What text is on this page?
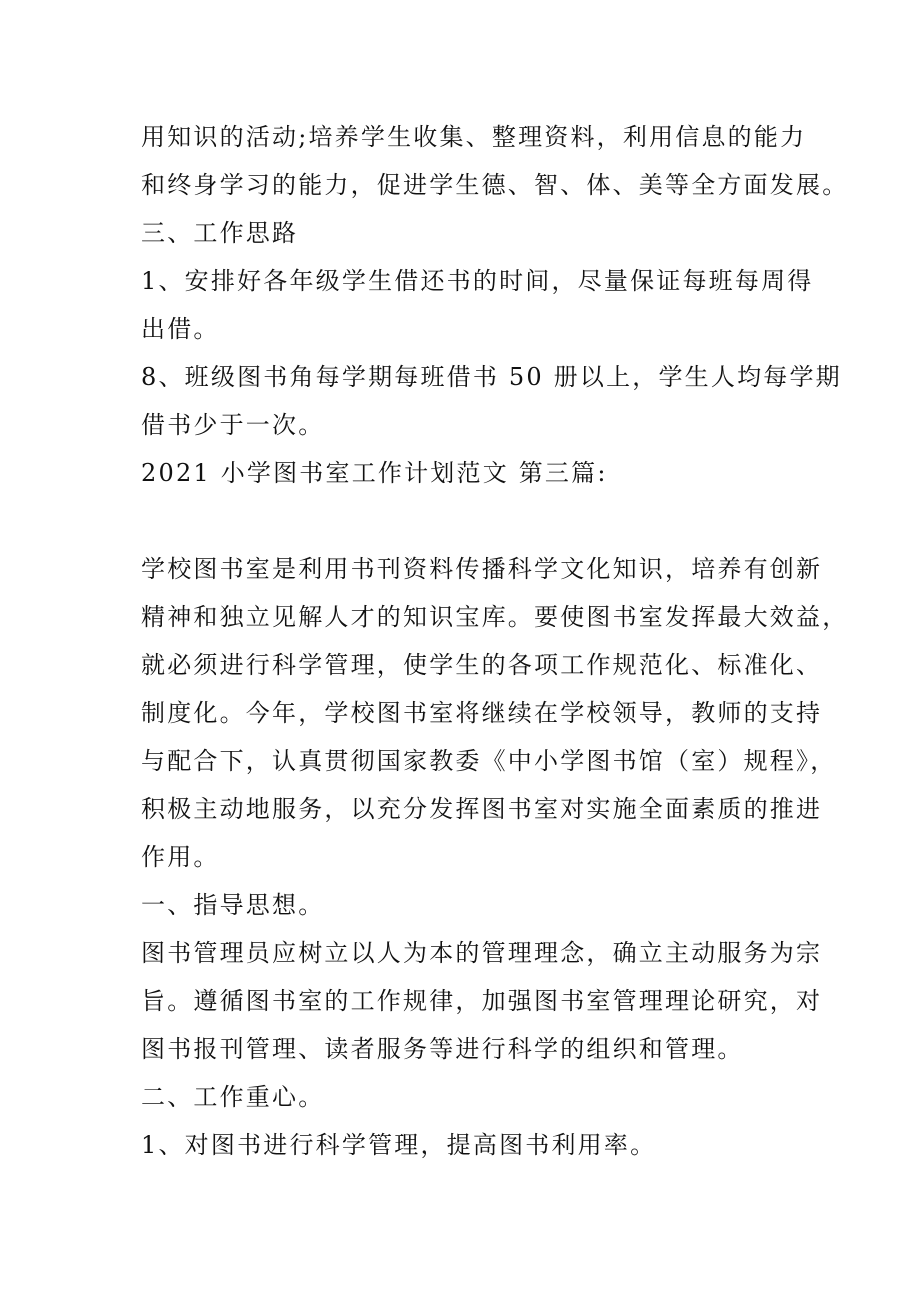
用知识的活动;培养学生收集、整理资料，利用信息的能力

和终身学习的能力，促进学生德、智、体、美等全方面发展。

三、工作思路

1、安排好各年级学生借还书的时间，尽量保证每班每周得

出借。

8、班级图书角每学期每班借书 50 册以上，学生人均每学期

借书少于一次。

2021 小学图书室工作计划范文 第三篇:

学校图书室是利用书刊资料传播科学文化知识，培养有创新

精神和独立见解人才的知识宝库。要使图书室发挥最大效益，

就必须进行科学管理，使学生的各项工作规范化、标准化、

制度化。今年，学校图书室将继续在学校领导，教师的支持

与配合下，认真贯彻国家教委《中小学图书馆（室）规程》，

积极主动地服务，以充分发挥图书室对实施全面素质的推进

作用。

一、指导思想。

图书管理员应树立以人为本的管理理念，确立主动服务为宗

旨。遵循图书室的工作规律，加强图书室管理理论研究，对

图书报刊管理、读者服务等进行科学的组织和管理。

二、工作重心。

1、对图书进行科学管理，提高图书利用率。
